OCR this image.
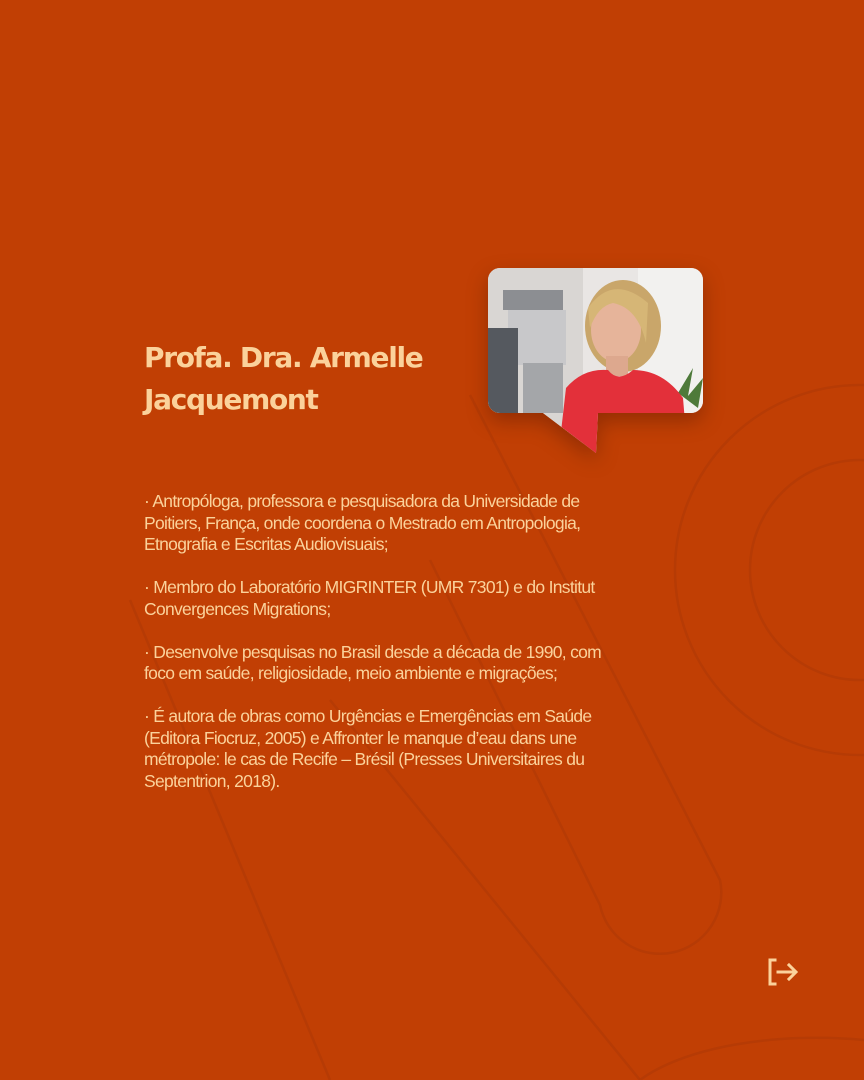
Profa. Dra. Armelle Jacquemont

· Antropóloga, professora e pesquisadora da Universidade de Poitiers, França, onde coordena o Mestrado em Antropologia, Etnografia e Escritas Audiovisuais;

· Membro do Laboratório MIGRINTER (UMR 7301) e do Institut Convergences Migrations;

· Desenvolve pesquisas no Brasil desde a década de 1990, com foco em saúde, religiosidade, meio ambiente e migrações;

· É autora de obras como Urgências e Emergências em Saúde (Editora Fiocruz, 2005) e Affronter le manque d’eau dans une métropole: le cas de Recife – Brésil (Presses Universitaires du Septentrion, 2018).
